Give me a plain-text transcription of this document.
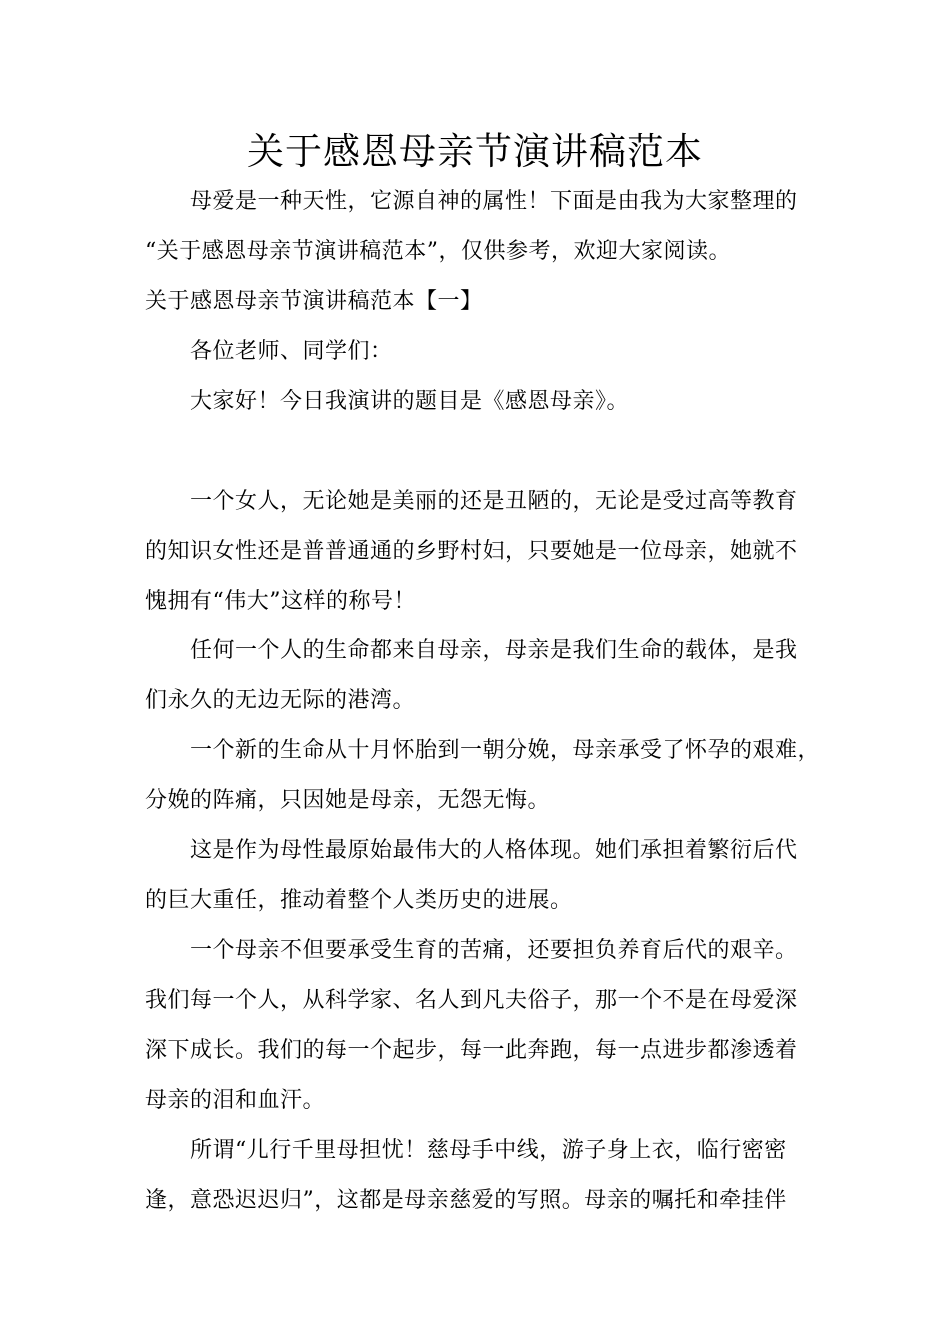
关于感恩母亲节演讲稿范本
母爱是一种天性，它源自神的属性！下面是由我为大家整理的
“关于感恩母亲节演讲稿范本”，仅供参考，欢迎大家阅读。
关于感恩母亲节演讲稿范本【一】
各位老师、同学们：
大家好！今日我演讲的题目是《感恩母亲》。
一个女人，无论她是美丽的还是丑陋的，无论是受过高等教育
的知识女性还是普普通通的乡野村妇，只要她是一位母亲，她就不
愧拥有“伟大”这样的称号！
任何一个人的生命都来自母亲，母亲是我们生命的载体，是我
们永久的无边无际的港湾。
一个新的生命从十月怀胎到一朝分娩，母亲承受了怀孕的艰难，
分娩的阵痛，只因她是母亲，无怨无悔。
这是作为母性最原始最伟大的人格体现。她们承担着繁衍后代
的巨大重任，推动着整个人类历史的进展。
一个母亲不但要承受生育的苦痛，还要担负养育后代的艰辛。
我们每一个人，从科学家、名人到凡夫俗子，那一个不是在母爱深
深下成长。我们的每一个起步，每一此奔跑，每一点进步都渗透着
母亲的泪和血汗。
所谓“儿行千里母担忧！慈母手中线，游子身上衣，临行密密
逢，意恐迟迟归”，这都是母亲慈爱的写照。母亲的嘱托和牵挂伴
